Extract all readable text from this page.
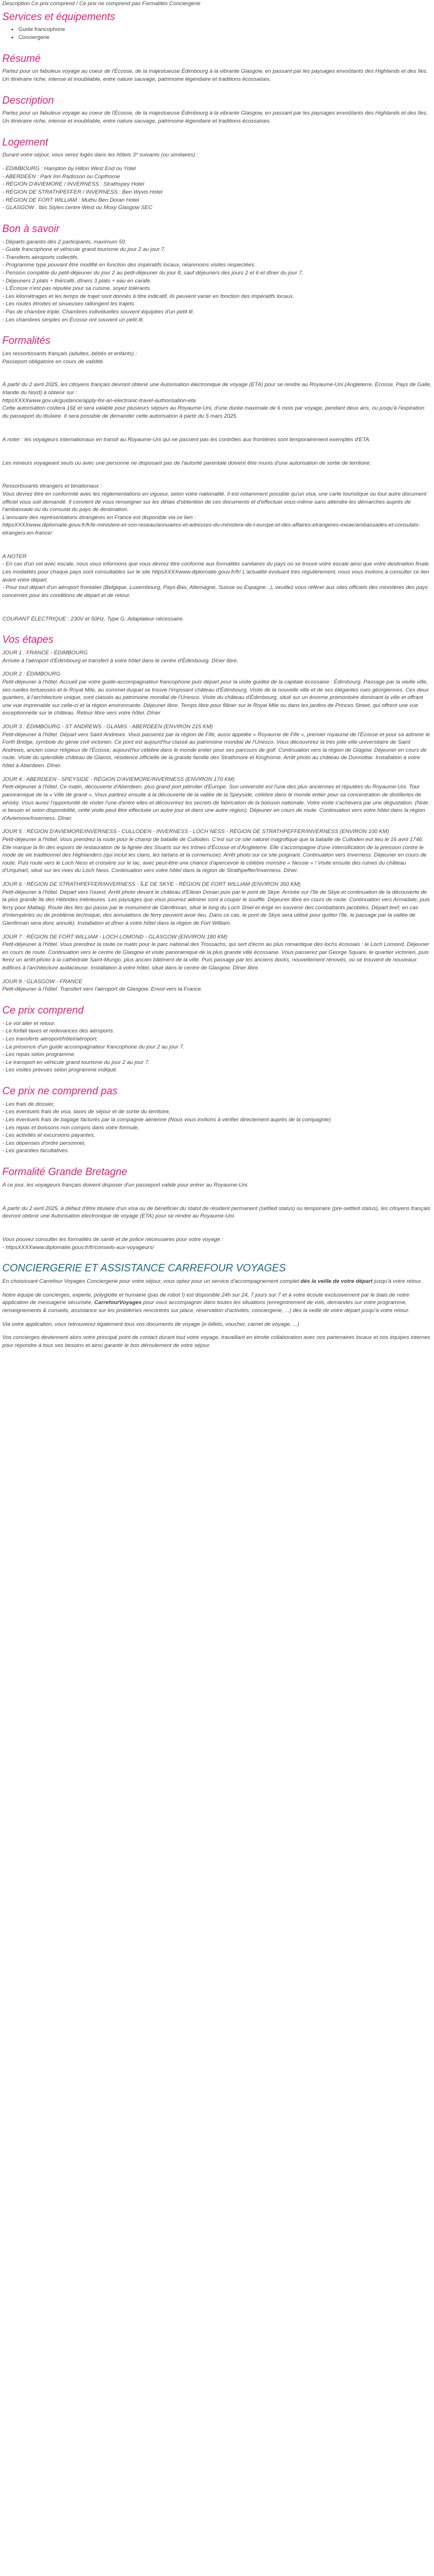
Description Ce prix comprend / Ce prix ne comprend pas Formalités Conciergerie

Services et équipements
• Guide francophone
• Conciergerie
Résumé

Partez pour un fabuleux voyage au coeur de l'Écosse, de la majestueuse Édimbourg à la vibrante Glasgow, en passant par les paysages envoûtants des Highlands et des îles. Un itinéraire riche, intense et inoubliable, entre nature sauvage, patrimoine légendaire et traditions écossaises.

Description

Partez pour un fabuleux voyage au coeur de l'Écosse, de la majestueuse Édimbourg à la vibrante Glasgow, en passant par les paysages envoûtants des Highlands et des îles. Un itinéraire riche, intense et inoubliable, entre nature sauvage, patrimoine légendaire et traditions écossaises.

Logement

Durant votre séjour, vous serez logés dans les hôtels 3* suivants (ou similaires) :

- ÉDIMBOURG : Hampton by Hilton West End ou Yotel
- ABERDEEN : Park Inn Radisson ou Copthorne
- RÉGION D'AVIEMORE / INVERNESS : Strathspey Hotel
- RÉGION DE STRATHPEFFER / INVERNESS : Ben Wyvis Hotel
- RÉGION DE FORT WILLIAM : Muthu Ben Doran Hotel
- GLASGOW : Ibis Styles centre West ou Moxy Glasgow SEC

Bon à savoir

- Départs garantis dès 2 participants, maximum 50.
- Guide francophone et véhicule grand tourisme du jour 2 au jour 7.
- Transferts aéroports collectifs.
- Programme type pouvant être modifié en fonction des impératifs locaux, néanmoins visites respectées.
- Pension complète du petit-déjeuner du jour 2 au petit-déjeuner du jour 8, sauf déjeuners des jours 2 et 6 et dîner du jour 7.
- Déjeuners 2 plats + thé/café, dîners 3 plats + eau en carafe.
- L'Écosse n'est pas réputée pour sa cuisine, soyez tolérants.
- Les kilométrages et les temps de trajet sont donnés à titre indicatif, ils peuvent varier en fonction des impératifs locaux.
- Les routes étroites et sinueuses rallongent les trajets.
- Pas de chambre triple. Chambres individuelles souvent équipées d'un petit lit.
- Les chambres simples en Écosse ont souvent un petit lit.

Formalités

Les ressortissants français (adultes, bébés et enfants) :
Passeport obligatoire en cours de validité.

À partir du 2 avril 2025, les citoyens français devront obtenir une Autorisation électronique de voyage (ETA) pour se rendre au Royaume-Uni (Angleterre, Écosse, Pays de Galle, Irlande du Nord) à obtenir sur :
httpsXXXXwww.gov.uk/guidance/apply-for-an-electronic-travel-authorisation-eta
Cette autorisation coûtera 16£ et sera valable pour plusieurs séjours au Royaume-Uni, d'une durée maximale de 6 mois par voyage, pendant deux ans, ou jusqu'à l'expiration du passeport du titulaire. Il sera possible de demander cette autorisation à partir du 5 mars 2025.

A noter : les voyageurs internationaux en transit au Royaume-Uni qui ne passent pas les contrôles aux frontières sont temporairement exemptés d'ETA.

Les mineurs voyageant seuls ou avec une personne ne disposant pas de l'autorité parentale doivent être munis d'une autorisation de sortie de territoire.

Ressortissants étrangers et binationaux :
Vous devrez être en conformité avec les réglementations en vigueur, selon votre nationalité. Il est notamment possible qu'un visa, une carte touristique ou tout autre document officiel vous soit demandé. Il convient de vous renseigner sur les délais d'obtention de ces documents et d'effectuer vous-même sans attendre les démarches auprès de l'ambassade ou du consulat du pays de destination.
L'annuaire des représentations étrangères en France est disponible via ce lien :
httpsXXXXwww.diplomatie.gouv.fr/fr/le-ministere-et-son-reseau/annuaires-et-adresses-du-ministere-de-l-europe-et-des-affaires-etrangeres-meae/ambassades-et-consulats-etrangers-en-france/

A NOTER
- En cas d'un vol avec escale, nous vous informons que vous devrez être conforme aux formalités sanitaires du pays où se trouve votre escale ainsi que votre destination finale.
Les modalités pour chaque pays sont consultables sur le site httpsXXXXwww.diplomatie.gouv.fr/fr/ L'actualité évoluant très régulièrement, nous vous invitons à consulter ce lien avant votre départ.
- Pour tout départ d'un aéroport frontalier (Belgique, Luxembourg, Pays-Bas, Allemagne, Suisse ou Espagne...), veuillez vous référer aux sites officiels des ministères des pays concernés pour les conditions de départ et de retour.

COURANT ÉLECTRIQUE : 230V et 50Hz. Type G. Adaptateur nécessaire.

Vos étapes

JOUR 1 : FRANCE - ÉDIMBOURG

Arrivée à l'aéroport d'Édimbourg et transfert à votre hôtel dans le centre d'Édimbourg. Dîner libre.

JOUR 2 : ÉDIMBOURG

Petit-déjeuner à l'hôtel. Accueil par votre guide-accompagnateur francophone puis départ pour la visite guidée de la capitale écossaise : Édimbourg. Passage par la vieille ville, ses ruelles tortueuses et le Royal Mile, au sommet duquel se trouve l'imposant château d'Édimbourg. Visite de la nouvelle ville et de ses élégantes rues géorgiennes. Ces deux quartiers, à l'architecture unique, sont classés au patrimoine mondial de l'Unesco. Visite du château d'Édimbourg, situé sur un énorme promontoire dominant la ville et offrant une vue imprenable sur celle-ci et la région environnante. Déjeuner libre. Temps libre pour flâner sur le Royal Mile ou dans les jardins de Princes Street, qui offrent une vue exceptionnelle sur le château. Retour libre vers votre hôtel. Dîner

JOUR 3 : ÉDIMBOURG - ST ANDREWS - GLAMIS - ABERDEEN (ENVIRON 215 KM)

Petit-déjeuner à l'hôtel. Départ vers Saint Andrews. Vous passerez par la région de Fife, aussi appelée « Royaume de Fife », premier royaume de l'Écosse et pour sa admirer le Forth Bridge, symbole du génie civil victorien. Ce pont est aujourd'hui classé au patrimoine mondial de l'Unesco. Vous découvrirez la très jolie ville universitaire de Saint Andrews, ancien coeur religieux de l'Écosse, aujourd'hui célèbre dans le monde entier pour ses parcours de golf. Continuation vers la région de Glagow. Déjeuner en cours de route. Visite du splendide château de Glamis, résidence officielle de la grande famille des Strathmore et Kinghorne. Arrêt photo au château de Dunnottar. Installation à votre hôtel à Aberdeen. Dîner.

JOUR 4 : ABERDEEN - SPEYSIDE - RÉGION D'AVIEMORE/INVERNESS (ENVIRON 170 KM)

Petit-déjeuner à l'hôtel. Ce matin, découverte d'Aberdeen, plus grand port pétrolier d'Europe. Son université est l'une des plus anciennes et réputées du Royaume-Uni. Tour panoramique de la « Ville de granit ». Vous partirez ensuite à la découverte de la vallée de la Speyside, célèbre dans le monde entier pour sa concentration de distilleries de whisky. Vous aurez l'opportunité de visiter l'une d'entre elles et découvrirez les secrets de fabrication de la boisson nationale. Votre visite s'achèvera par une dégustation. (Note : si besoin et selon disponibilité, cette visite peut être effectuée un autre jour et dans une autre région). Déjeuner en cours de route. Continuation vers votre hôtel dans la région d'Aviemore/Inverness. Dîner.

JOUR 5 : RÉGION D'AVIEMORE/INVERNESS - CULLODEN - INVERNESS - LOCH NESS - RÉGION DE STRATHPEFFER/INVERNESS (ENVIRON 100 KM)

Petit-déjeuner à l'hôtel. Vous prendrez la route pour le champ de bataille de Culloden. C'est sur ce site naturel magnifique que la bataille de Culloden eut lieu le 16 avril 1746. Elle marque la fin des espoirs de restauration de la lignée des Stuarts sur les trônes d'Écosse et d'Angleterre. Elle s'accompagne d'une intensification de la pression contre le mode de vie traditionnel des Highlanders (qui inclut les clans, les tartans et la cornemuse). Arrêt photo sur ce site poignant. Continuation vers Inverness. Déjeuner en cours de route. Puis route vers le Loch Ness et croisière sur le lac, avec peut-être une chance d'apercevoir le célèbre monstre « Nessie » ! Visite ensuite des ruines du château d'Urquhart, situé sur les rives du Loch Ness. Continuation vers votre hôtel dans la région de Strathpeffer/Inverness. Dîner.

JOUR 6 : RÉGION DE STRATHPEFFER/INVERNESS - ÎLE DE SKYE - RÉGION DE FORT WILLIAM (ENVIRON 350 KM)

Petit-déjeuner à l'hôtel. Départ vers l'ouest. Arrêt photo devant le château d'Eilean Donan puis par le pont de Skye. Arrivée sur l'île de Skye et continuation de la découverte de la plus grande île des Hébrides intérieures. Les paysages que vous pourrez admirer sont à couper le souffle. Déjeuner libre en cours de route. Continuation vers Armadale, puis ferry pour Mallaig. Route des îles qui passe par le monument de Glenfinnan, situé le long du Loch Shiel et érigé en souvenir des combattants jacobites. Départ bref, en cas d'intempéries ou de problème technique, des annulations de ferry peuvent avoir lieu. Dans ce cas, le pont de Skye sera utilisé pour quitter l'île, le passage par la vallée de Glenfinnan sera donc annulé). Installation et dîner à votre hôtel dans la région de Fort William.

JOUR 7 : RÉGION DE FORT WILLIAM - LOCH LOMOND - GLASGOW (ENVIRON 180 KM)

Petit-déjeuner à l'hôtel. Vous prendrez la route ce matin pour le parc national des Trossachs, qui sert d'écrin au plus romantique des lochs écossais : le Loch Lomond. Déjeuner en cours de route. Continuation vers le centre de Glasgow et visite panoramique de la plus grande ville écossaise. Vous passerez par George Square, le quartier victorien, puis ferez un arrêt-photo à la cathédrale Saint-Mungo, plus ancien bâtiment de la ville. Puis passage par les anciens docks, nouvellement rénovés, où se trouvent de nouveaux édifices à l'architecture audacieuse. Installation à votre hôtel, situé dans le centre de Glasgow. Dîner libre.

JOUR 8 : GLASGOW - FRANCE

Petit-déjeuner à l'hôtel. Transfert vers l'aéroport de Glasgow. Envol vers la France.

Ce prix comprend

- Le vol aller et retour.
- Le forfait taxes et redevances des aéroports.
- Les transferts aéroport/hôtel/aéroport.
- La présence d'un guide accompagnateur francophone du jour 2 au jour 7.
- Les repas selon programme.
- Le transport en véhicule grand tourisme du jour 2 au jour 7.
- Les visites prévues selon programme indiqué.

Ce prix ne comprend pas

- Les frais de dossier,
- Les éventuels frais de visa, taxes de séjour et de sortie du territoire,
- Les éventuels frais de bagage facturés par la compagnie aérienne (Nous vous invitons à vérifier directement auprès de la compagnie)
- Les repas et boissons non compris dans votre formule,
- Les activités et excursions payantes,
- Les dépenses d'ordre personnel,
- Les garanties facultatives.

Formalité Grande Bretagne

A ce jour, les voyageurs français doivent disposer d'un passeport valide pour entrer au Royaume-Uni.

À partir du 2 avril 2025, à défaut d'être titulaire d'un visa ou de bénéficier du statut de résident permanent (settled status) ou temporaire (pre-settled status), les citoyens français devront obtenir une Autorisation électronique de voyage (ETA) pour se rendre au Royaume-Uni.

Vous pouvez consulter les formalités de santé et de police nécessaires pour votre voyage :
- httpsXXXXwww.diplomatie.gouv.fr/fr/conseils-aux-voyageurs/

CONCIERGERIE ET ASSISTANCE CARREFOUR VOYAGES

En choisissant Carrefour Voyages Conciergerie pour votre séjour, vous optez pour un service d'accompagnement complet dès la veille de votre départ jusqu'à votre retour.

Notre équipe de concierges, experte, polyglotte et humaine (pas de robot !) est disponible 24h sur 24, 7 jours sur 7 et à votre écoute exclusivement par le biais de notre application de messagerie sécurisée, CarrefourVoyages pour vous accompagner dans toutes les situations (enregistrement de vols, demandes sur votre programme, renseignements & conseils, assistance sur les problèmes rencontrés sur place, réservation d'activités, conciergerie, ...) dès la veille de votre départ jusqu'à votre retour.

Via votre application, vous retrouverez également tous vos documents de voyage (e-billets, voucher, carnet de voyage, ...)

Vos concierges deviennent alors votre principal point de contact durant tout votre voyage, travaillant en étroite collaboration avec nos partenaires locaux et nos équipes internes pour répondre à tous vos besoins et ainsi garantir le bon déroulement de votre séjour.
